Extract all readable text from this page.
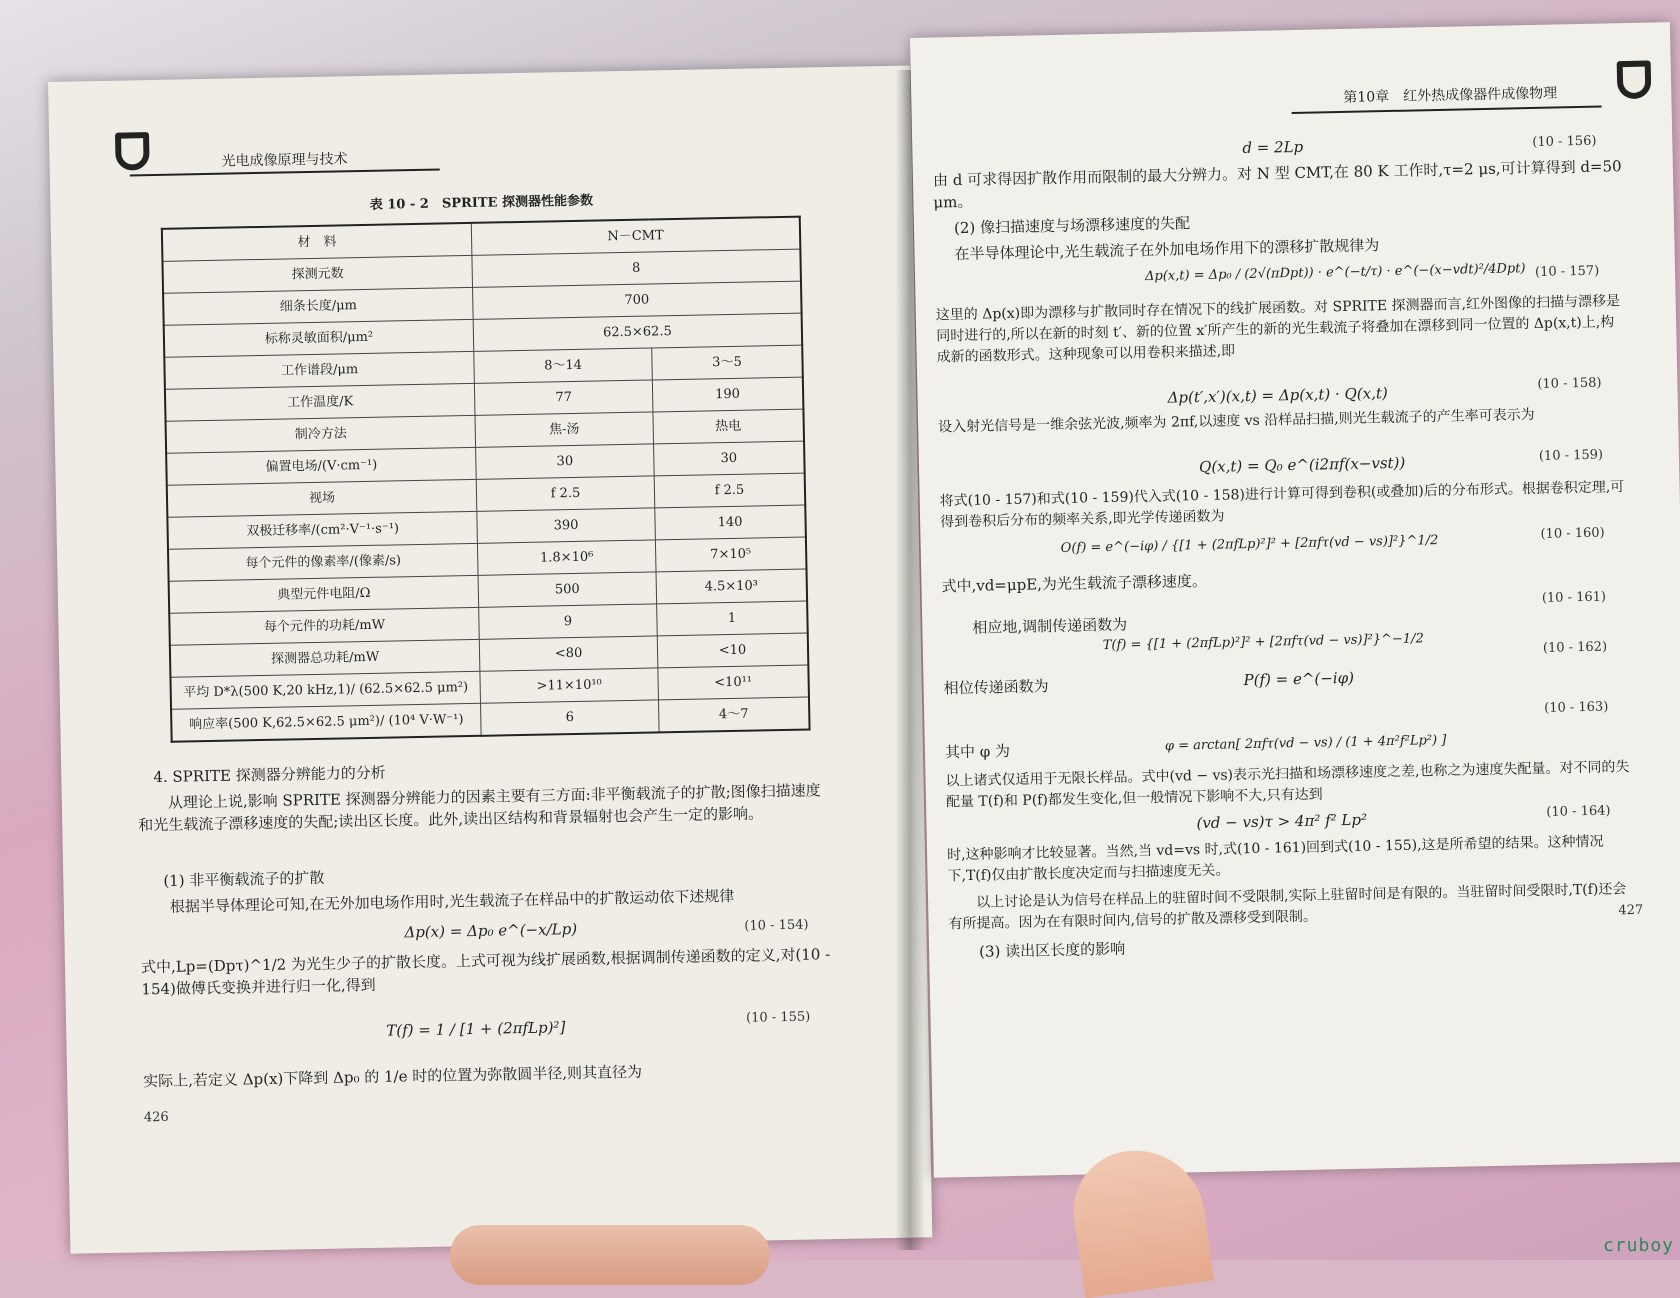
光电成像原理与技术
表 10 - 2　SPRITE 探测器性能参数
材　料	N－CMT	
探测元数	8	
细条长度/μm	700	
标称灵敏面积/μm²	62.5×62.5	
工作谱段/μm	8～14	3～5
工作温度/K	77	190
制冷方法	焦-汤	热电
偏置电场/(V·cm⁻¹)	30	30
视场	f 2.5	f 2.5
双极迁移率/(cm²·V⁻¹·s⁻¹)	390	140
每个元件的像素率/(像素/s)	1.8×10⁶	7×10⁵
典型元件电阻/Ω	500	4.5×10³
每个元件的功耗/mW	9	1
探测器总功耗/mW	<80	<10
平均 D*λ(500 K,20 kHz,1)/ (62.5×62.5 μm²)	>11×10¹⁰	<10¹¹
响应率(500 K,62.5×62.5 μm²)/ (10⁴ V·W⁻¹)	6	4～7
4. SPRITE 探测器分辨能力的分析
从理论上说,影响 SPRITE 探测器分辨能力的因素主要有三方面:非平衡载流子的扩散;图像扫描速度和光生载流子漂移速度的失配;读出区长度。此外,读出区结构和背景辐射也会产生一定的影响。
(1) 非平衡载流子的扩散
根据半导体理论可知,在无外加电场作用时,光生载流子在样品中的扩散运动依下述规律
Δp(x) = Δp₀ e^(−x/Lp)	(10 - 154)
式中,Lp=(Dpτ)^1/2 为光生少子的扩散长度。上式可视为线扩展函数,根据调制传递函数的定义,对(10 - 154)做傅氏变换并进行归一化,得到
T(f) = 1 / [1 + (2πfLp)²]
(10 - 155)
实际上,若定义 Δp(x)下降到 Δp₀ 的 1/e 时的位置为弥散圆半径,则其直径为
426
第10章　红外热成像器件成像物理
d = 2Lp	(10 - 156)
由 d 可求得因扩散作用而限制的最大分辨力。对 N 型 CMT,在 80 K 工作时,τ=2 μs,可计算得到 d=50 μm。
(2) 像扫描速度与场漂移速度的失配
在半导体理论中,光生载流子在外加电场作用下的漂移扩散规律为
Δp(x,t) = Δp₀ / (2√(πDpt)) · e^(−t/τ) · e^(−(x−vdt)²/4Dpt) (10 - 157)
这里的 Δp(x)即为漂移与扩散同时存在情况下的线扩展函数。对 SPRITE 探测器而言,红外图像的扫描与漂移是同时进行的,所以在新的时刻 t′、新的位置 x′所产生的新的光生载流子将叠加在漂移到同一位置的 Δp(x,t)上,构成新的函数形式。这种现象可以用卷积来描述,即
Δp(t′,x′)(x,t) = Δp(x,t) · Q(x,t)
(10 - 158)
设入射光信号是一维余弦光波,频率为 2πf,以速度 vs 沿样品扫描,则光生载流子的产生率可表示为
Q(x,t) = Q₀ e^(i2πf(x−vst))	(10 - 159)
将式(10 - 157)和式(10 - 159)代入式(10 - 158)进行计算可得到卷积(或叠加)后的分布形式。根据卷积定理,可得到卷积后分布的频率关系,即光学传递函数为
O(f) = e^(−iφ) / {[1 + (2πfLp)²]² + [2πfτ(vd − vs)]²}^1/2	(10 - 160)
式中,vd=μpE,为光生载流子漂移速度。
(10 - 161)
相应地,调制传递函数为
T(f) = {[1 + (2πfLp)²]² + [2πfτ(vd − vs)]²}^−1/2	(10 - 162)
相位传递函数为	P(f) = e^(−iφ)
(10 - 163)
其中 φ 为	φ = arctan[ 2πfτ(vd − vs) / (1 + 4π²f²Lp²) ]
以上诸式仅适用于无限长样品。式中(vd − vs)表示光扫描和场漂移速度之差,也称之为速度失配量。对不同的失配量 T(f)和 P(f)都发生变化,但一般情况下影响不大,只有达到
(vd − vs)τ > 4π² f² Lp²	(10 - 164)
时,这种影响才比较显著。当然,当 vd=vs 时,式(10 - 161)回到式(10 - 155),这是所希望的结果。这种情况下,T(f)仅由扩散长度决定而与扫描速度无关。
以上讨论是认为信号在样品上的驻留时间不受限制,实际上驻留时间是有限的。当驻留时间受限时,T(f)还会有所提高。因为在有限时间内,信号的扩散及漂移受到限制。	427
(3) 读出区长度的影响
cruboy
